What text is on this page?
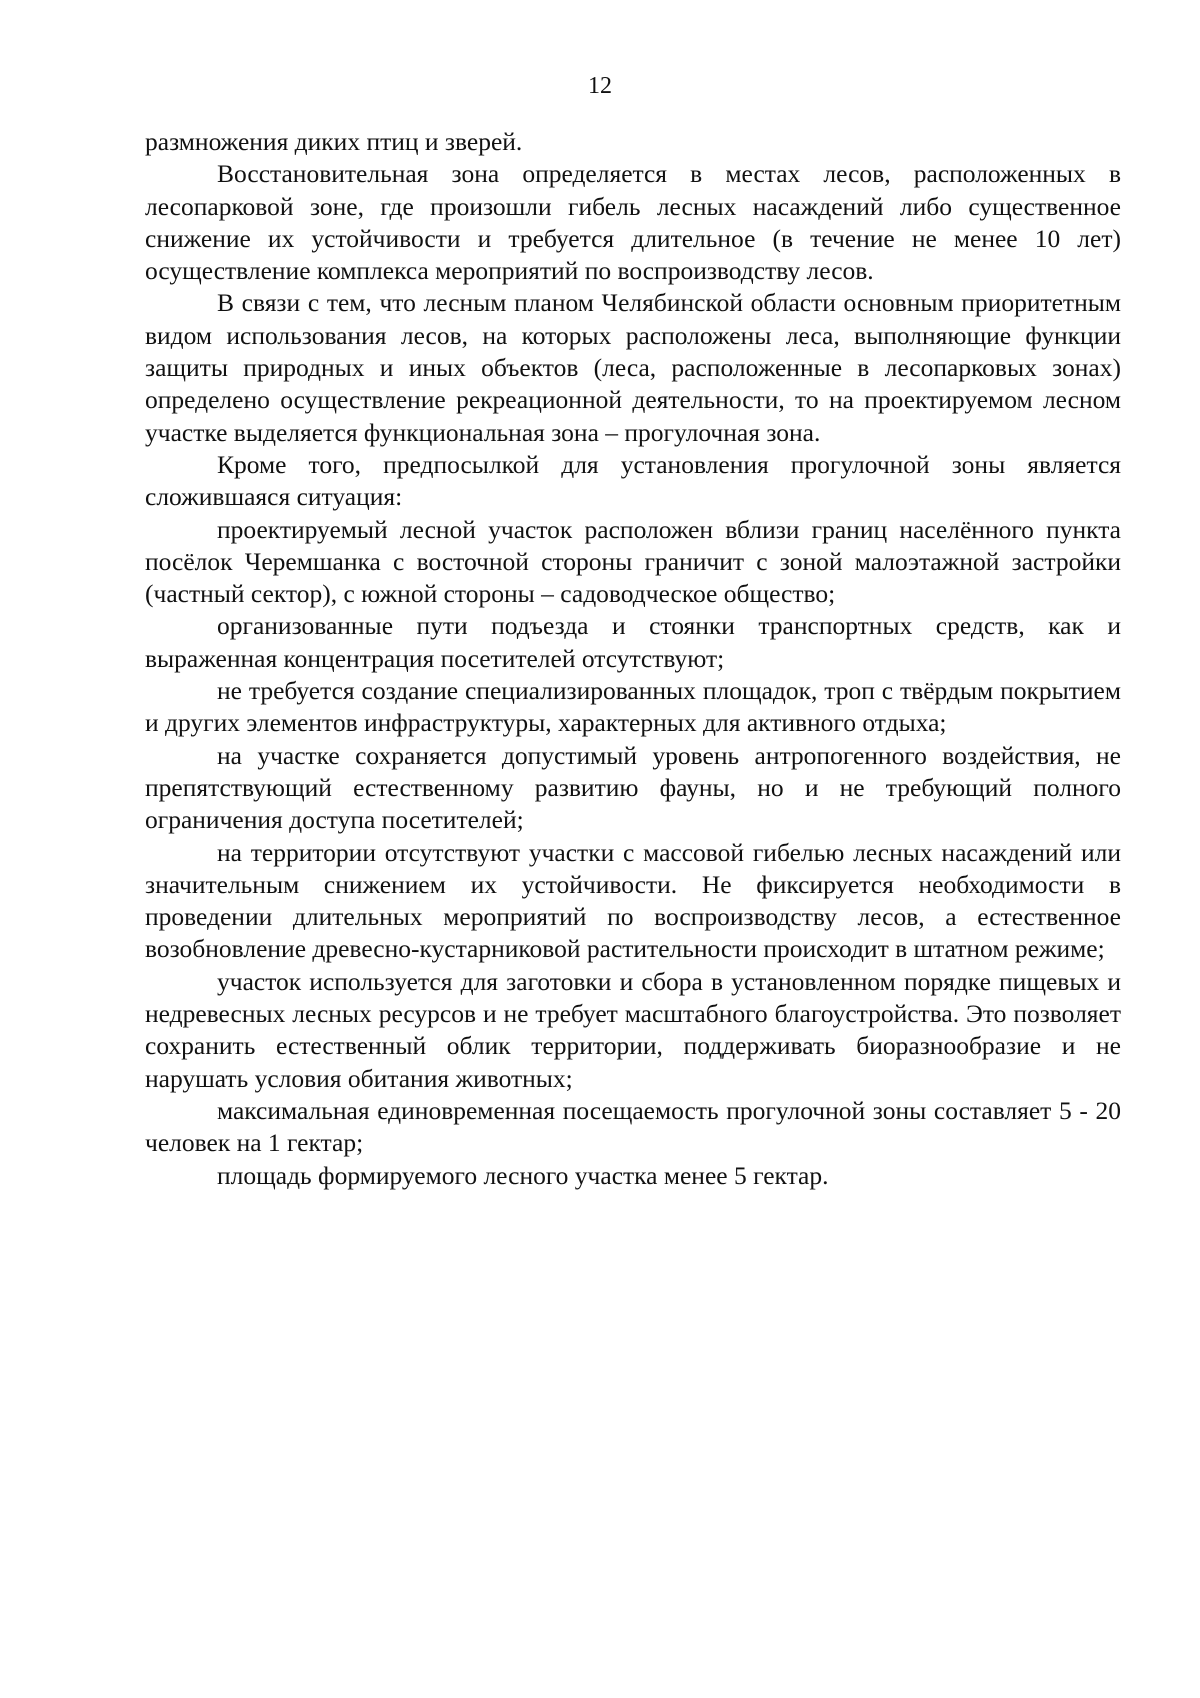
12

размножения диких птиц и зверей.

Восстановительная зона определяется в местах лесов, расположенных в лесопарковой зоне, где произошли гибель лесных насаждений либо существенное снижение их устойчивости и требуется длительное (в течение не менее 10 лет) осуществление комплекса мероприятий по воспроизводству лесов.

В связи с тем, что лесным планом Челябинской области основным приоритетным видом использования лесов, на которых расположены леса, выполняющие функции защиты природных и иных объектов (леса, расположенные в лесопарковых зонах) определено осуществление рекреационной деятельности, то на проектируемом лесном участке выделяется функциональная зона – прогулочная зона.

Кроме того, предпосылкой для установления прогулочной зоны является сложившаяся ситуация:

проектируемый лесной участок расположен вблизи границ населённого пункта посёлок Черемшанка с восточной стороны граничит с зоной малоэтажной застройки (частный сектор), с южной стороны – садоводческое общество;

организованные пути подъезда и стоянки транспортных средств, как и выраженная концентрация посетителей отсутствуют;

не требуется создание специализированных площадок, троп с твёрдым покрытием и других элементов инфраструктуры, характерных для активного отдыха;

на участке сохраняется допустимый уровень антропогенного воздействия, не препятствующий естественному развитию фауны, но и не требующий полного ограничения доступа посетителей;

на территории отсутствуют участки с массовой гибелью лесных насаждений или значительным снижением их устойчивости. Не фиксируется необходимости в проведении длительных мероприятий по воспроизводству лесов, а естественное возобновление древесно-кустарниковой растительности происходит в штатном режиме;

участок используется для заготовки и сбора в установленном порядке пищевых и недревесных лесных ресурсов и не требует масштабного благоустройства. Это позволяет сохранить естественный облик территории, поддерживать биоразнообразие и не нарушать условия обитания животных;

максимальная единовременная посещаемость прогулочной зоны составляет 5 - 20 человек на 1 гектар;

площадь формируемого лесного участка менее 5 гектар.
